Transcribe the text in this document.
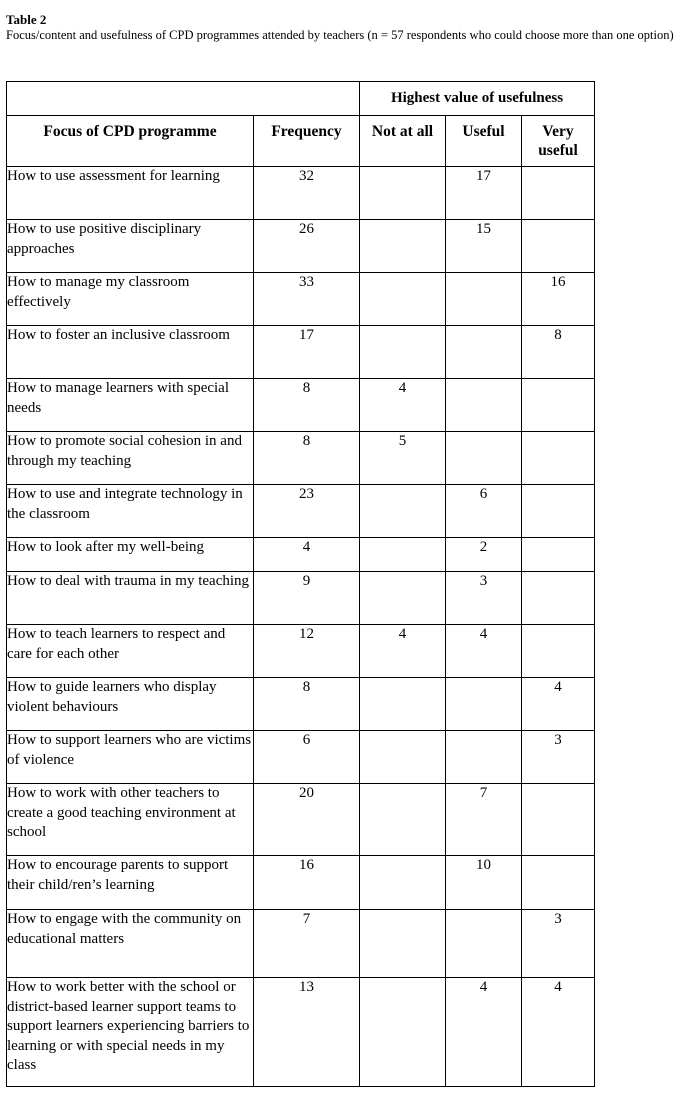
Table 2
Focus/content and usefulness of CPD programmes attended by teachers (n = 57 respondents who could choose more than one option)
		Highest value of usefulness		
Focus of CPD programme	Frequency	Not at all	Useful	Very useful
How to use assessment for learning	32		17	
How to use positive disciplinary approaches	26		15	
How to manage my classroom effectively	33			16
How to foster an inclusive classroom	17			8
How to manage learners with special needs	8	4		
How to promote social cohesion in and through my teaching	8	5		
How to use and integrate technology in the classroom	23		6	
How to look after my well-being	4		2	
How to deal with trauma in my teaching	9		3	
How to teach learners to respect and care for each other	12	4	4	
How to guide learners who display violent behaviours	8			4
How to support learners who are victims of violence	6			3
How to work with other teachers to create a good teaching environment at school	20		7	
How to encourage parents to support their child/ren’s learning	16		10	
How to engage with the community on educational matters	7			3
How to work better with the school or district-based learner support teams to support learners experiencing barriers to learning or with special needs in my class	13		4	4
